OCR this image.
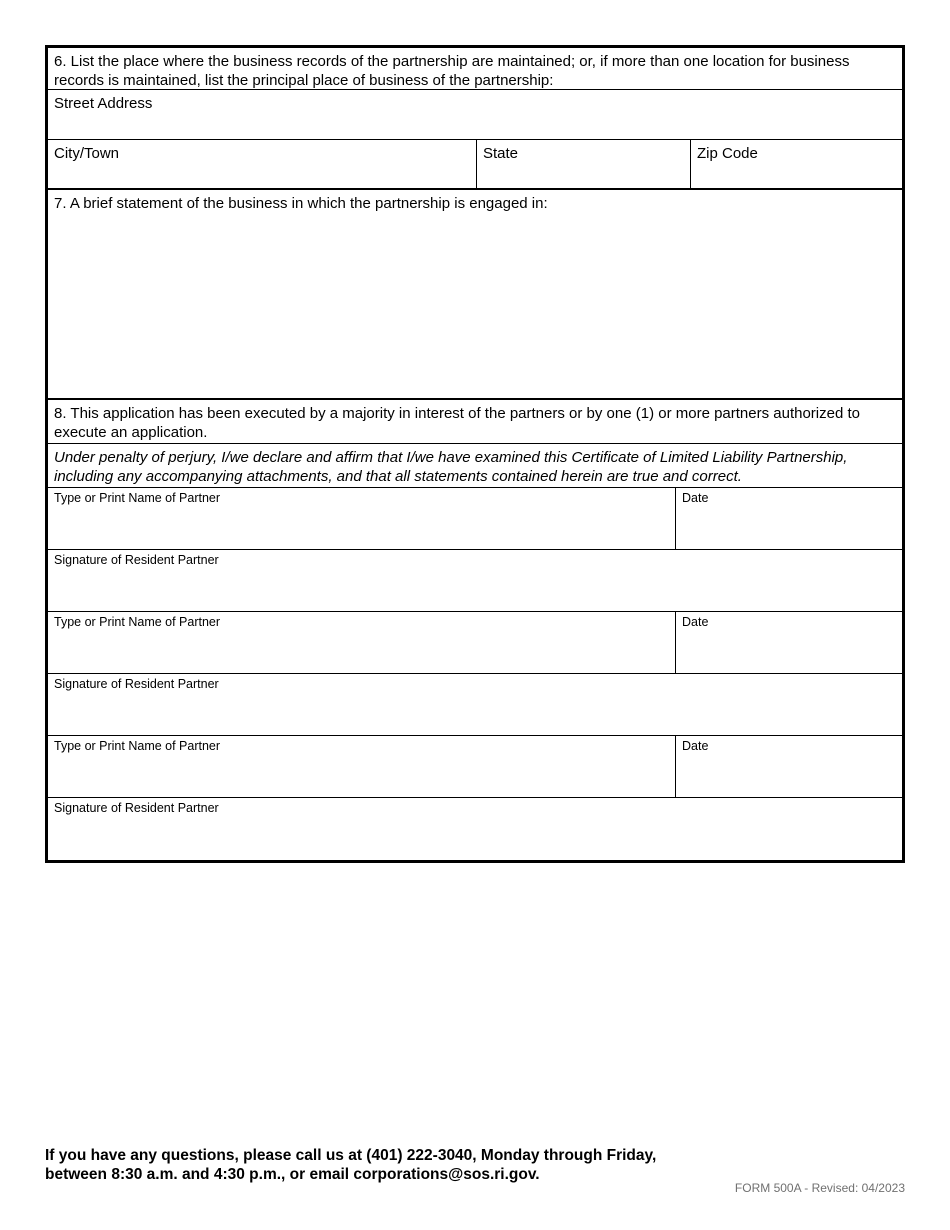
6. List the place where the business records of the partnership are maintained; or, if more than one location for business records is maintained, list the principal place of business of the partnership:
Street Address
City/Town	State	Zip Code
7. A brief statement of the business in which the partnership is engaged in:
8. This application has been executed by a majority in interest of the partners or by one (1) or more partners authorized to execute an application.
Under penalty of perjury, I/we declare and affirm that I/we have examined this Certificate of Limited Liability Partnership, including any accompanying attachments, and that all statements contained herein are true and correct.
Type or Print Name of Partner	Date
Signature of Resident Partner
Type or Print Name of Partner	Date
Signature of Resident Partner
Type or Print Name of Partner	Date
Signature of Resident Partner
If you have any questions, please call us at (401) 222-3040, Monday through Friday,
between 8:30 a.m. and 4:30 p.m., or email corporations@sos.ri.gov.
FORM 500A - Revised: 04/2023
